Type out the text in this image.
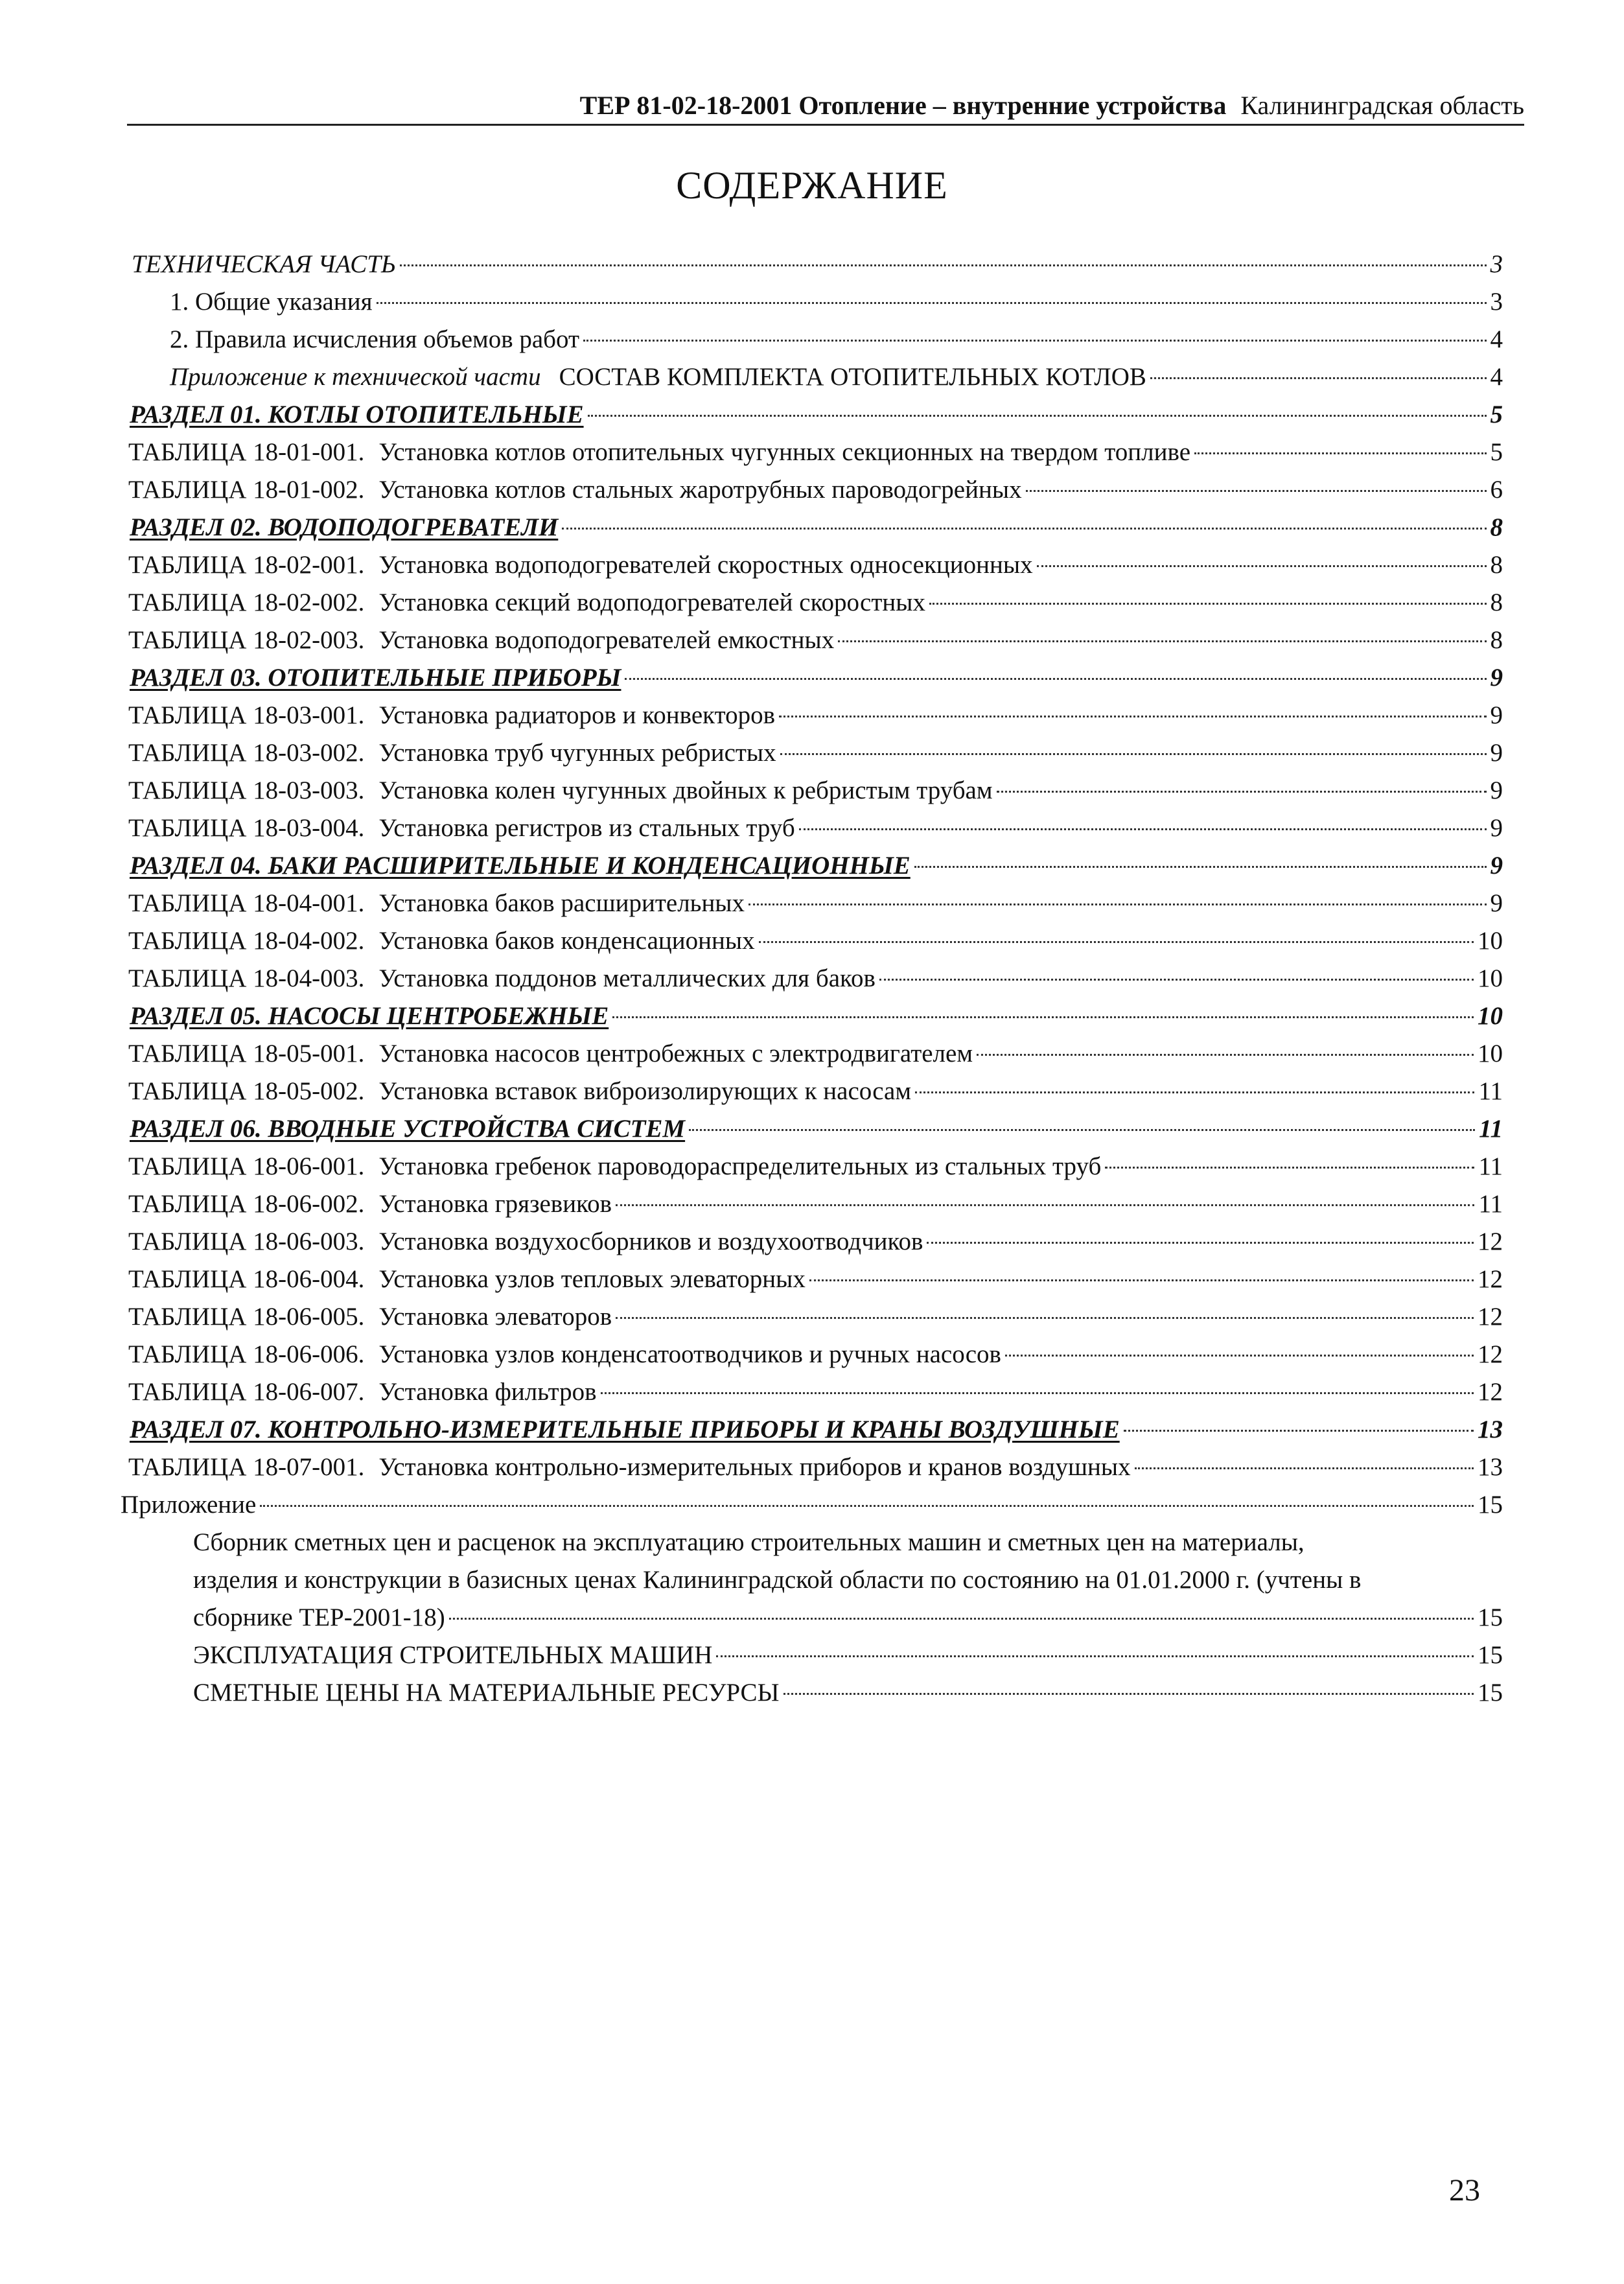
ТЕР 81-02-18-2001 Отопление – внутренние устройства Калининградская область
СОДЕРЖАНИЕ
ТЕХНИЧЕСКАЯ ЧАСТЬ	3
1. Общие указания	3
2. Правила исчисления объемов работ	4
Приложение к технической части СОСТАВ КОМПЛЕКТА ОТОПИТЕЛЬНЫХ КОТЛОВ	4
РАЗДЕЛ 01. КОТЛЫ ОТОПИТЕЛЬНЫЕ	5
ТАБЛИЦА 18-01-001. Установка котлов отопительных чугунных секционных на твердом топливе	5
ТАБЛИЦА 18-01-002. Установка котлов стальных жаротрубных пароводогрейных	6
РАЗДЕЛ 02. ВОДОПОДОГРЕВАТЕЛИ	8
ТАБЛИЦА 18-02-001. Установка водоподогревателей скоростных односекционных	8
ТАБЛИЦА 18-02-002. Установка секций водоподогревателей скоростных	8
ТАБЛИЦА 18-02-003. Установка водоподогревателей емкостных	8
РАЗДЕЛ 03. ОТОПИТЕЛЬНЫЕ ПРИБОРЫ	9
ТАБЛИЦА 18-03-001. Установка радиаторов и конвекторов	9
ТАБЛИЦА 18-03-002. Установка труб чугунных ребристых	9
ТАБЛИЦА 18-03-003. Установка колен чугунных двойных к ребристым трубам	9
ТАБЛИЦА 18-03-004. Установка регистров из стальных труб	9
РАЗДЕЛ 04. БАКИ РАСШИРИТЕЛЬНЫЕ И КОНДЕНСАЦИОННЫЕ	9
ТАБЛИЦА 18-04-001. Установка баков расширительных	9
ТАБЛИЦА 18-04-002. Установка баков конденсационных	10
ТАБЛИЦА 18-04-003. Установка поддонов металлических для баков	10
РАЗДЕЛ 05. НАСОСЫ ЦЕНТРОБЕЖНЫЕ	10
ТАБЛИЦА 18-05-001. Установка насосов центробежных с электродвигателем	10
ТАБЛИЦА 18-05-002. Установка вставок виброизолирующих к насосам	11
РАЗДЕЛ 06. ВВОДНЫЕ УСТРОЙСТВА СИСТЕМ	11
ТАБЛИЦА 18-06-001. Установка гребенок пароводораспределительных из стальных труб	11
ТАБЛИЦА 18-06-002. Установка грязевиков	11
ТАБЛИЦА 18-06-003. Установка воздухосборников и воздухоотводчиков	12
ТАБЛИЦА 18-06-004. Установка узлов тепловых элеваторных	12
ТАБЛИЦА 18-06-005. Установка элеваторов	12
ТАБЛИЦА 18-06-006. Установка узлов конденсатоотводчиков и ручных насосов	12
ТАБЛИЦА 18-06-007. Установка фильтров	12
РАЗДЕЛ 07. КОНТРОЛЬНО-ИЗМЕРИТЕЛЬНЫЕ ПРИБОРЫ И КРАНЫ ВОЗДУШНЫЕ	13
ТАБЛИЦА 18-07-001. Установка контрольно-измерительных приборов и кранов воздушных	13
Приложение	15
Сборник сметных цен и расценок на эксплуатацию строительных машин и сметных цен на материалы,
изделия и конструкции в базисных ценах Калининградской области по состоянию на 01.01.2000 г. (учтены в
сборнике ТЕР-2001-18)	15
ЭКСПЛУАТАЦИЯ СТРОИТЕЛЬНЫХ МАШИН	15
СМЕТНЫЕ ЦЕНЫ НА МАТЕРИАЛЬНЫЕ РЕСУРСЫ	15
23
